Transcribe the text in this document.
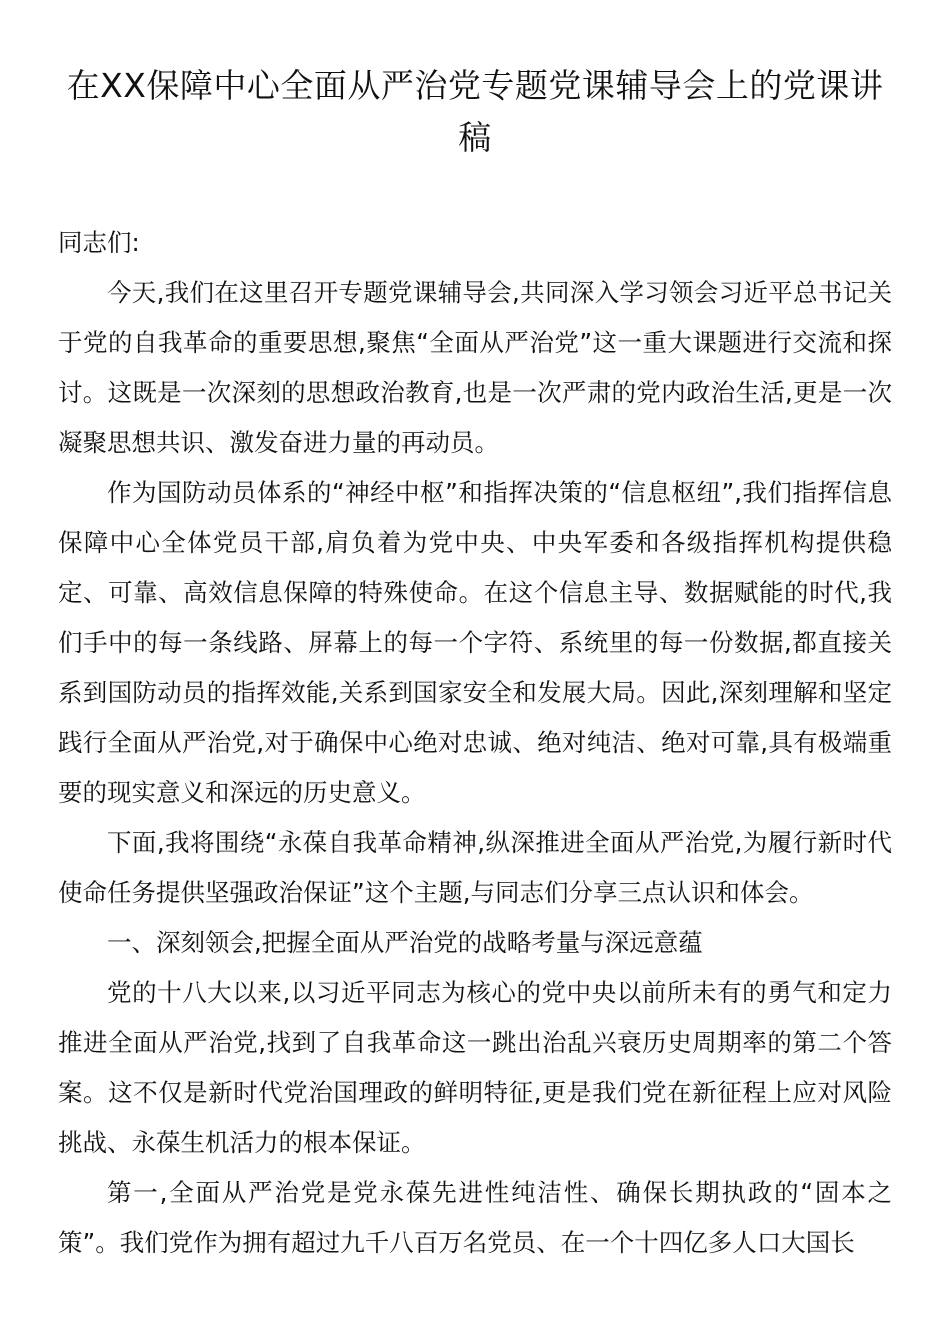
在XX保障中心全面从严治党专题党课辅导会上的党课讲稿

同志们:

今天,我们在这里召开专题党课辅导会,共同深入学习领会习近平总书记关于党的自我革命的重要思想,聚焦“全面从严治党”这一重大课题进行交流和探讨。这既是一次深刻的思想政治教育,也是一次严肃的党内政治生活,更是一次凝聚思想共识、激发奋进力量的再动员。

作为国防动员体系的“神经中枢”和指挥决策的“信息枢纽”,我们指挥信息保障中心全体党员干部,肩负着为党中央、中央军委和各级指挥机构提供稳定、可靠、高效信息保障的特殊使命。在这个信息主导、数据赋能的时代,我们手中的每一条线路、屏幕上的每一个字符、系统里的每一份数据,都直接关系到国防动员的指挥效能,关系到国家安全和发展大局。因此,深刻理解和坚定践行全面从严治党,对于确保中心绝对忠诚、绝对纯洁、绝对可靠,具有极端重要的现实意义和深远的历史意义。

下面,我将围绕“永葆自我革命精神,纵深推进全面从严治党,为履行新时代使命任务提供坚强政治保证”这个主题,与同志们分享三点认识和体会。

一、深刻领会,把握全面从严治党的战略考量与深远意蕴

党的十八大以来,以习近平同志为核心的党中央以前所未有的勇气和定力推进全面从严治党,找到了自我革命这一跳出治乱兴衰历史周期率的第二个答案。这不仅是新时代党治国理政的鲜明特征,更是我们党在新征程上应对风险挑战、永葆生机活力的根本保证。

第一,全面从严治党是党永葆先进性纯洁性、确保长期执政的“固本之策”。我们党作为拥有超过九千八百万名党员、在一个十四亿多人口大国长
